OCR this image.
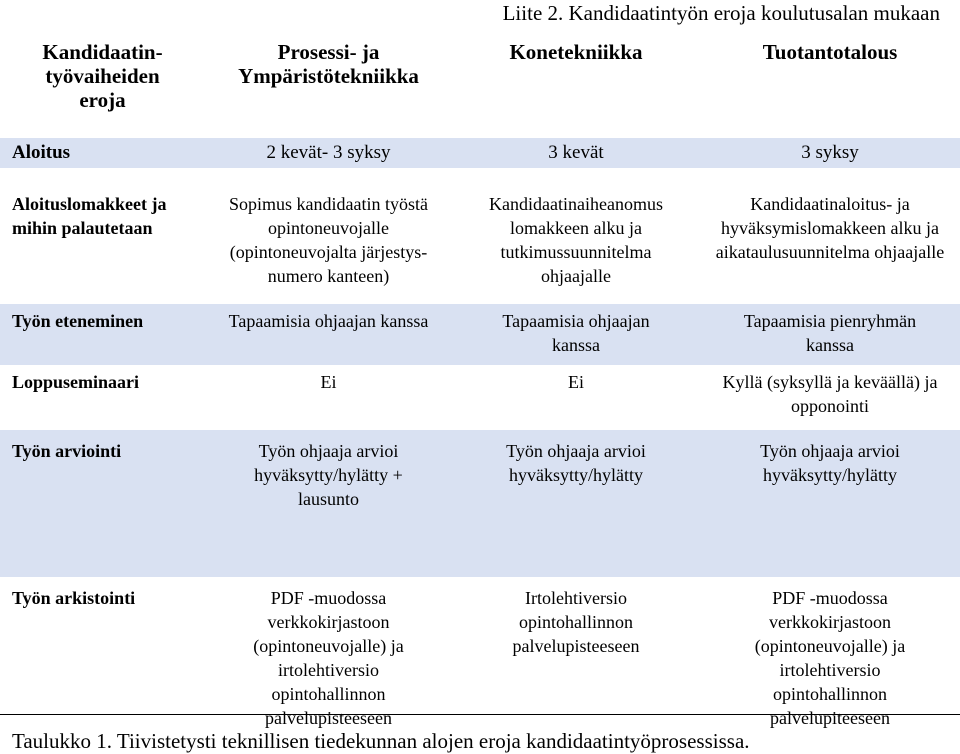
Liite 2. Kandidaatintyön eroja koulutusalan mukaan
Kandidaatin-työvaiheiden eroja	Prosessi- ja Ympäristötekniikka	Konetekniikka	Tuotantotalous
Aloitus	2 kevät- 3 syksy	3 kevät	3 syksy

Aloituslomakkeet ja mihin palautetaan	Sopimus kandidaatin työstä opintoneuvojalle (opintoneuvojalta järjestys-numero kanteen)	Kandidaatinaiheanomus lomakkeen alku ja tutkimussuunnitelma ohjaajalle	Kandidaatinaloitus- ja hyväksymislomakkeen alku ja aikataulusuunnitelma ohjaajalle

Työn eteneminen	Tapaamisia ohjaajan kanssa	Tapaamisia ohjaajan kanssa	Tapaamisia pienryhmän kanssa

Loppuseminaari	Ei	Ei	Kyllä (syksyllä ja keväällä) ja opponointi

Työn arviointi	Työn ohjaaja arvioi hyväksytty/hylätty + lausunto	Työn ohjaaja arvioi hyväksytty/hylätty	Työn ohjaaja arvioi hyväksytty/hylätty

Työn arkistointi	PDF -muodossa verkkokirjastoon (opintoneuvojalle) ja irtolehtiversio opintohallinnon palvelupisteeseen	Irtolehtiversio opintohallinnon palvelupisteeseen	PDF -muodossa verkkokirjastoon (opintoneuvojalle) ja irtolehtiversio opintohallinnon palvelupiteeseen
Taulukko 1. Tiivistetysti teknillisen tiedekunnan alojen eroja kandidaatintyöprosessissa.
